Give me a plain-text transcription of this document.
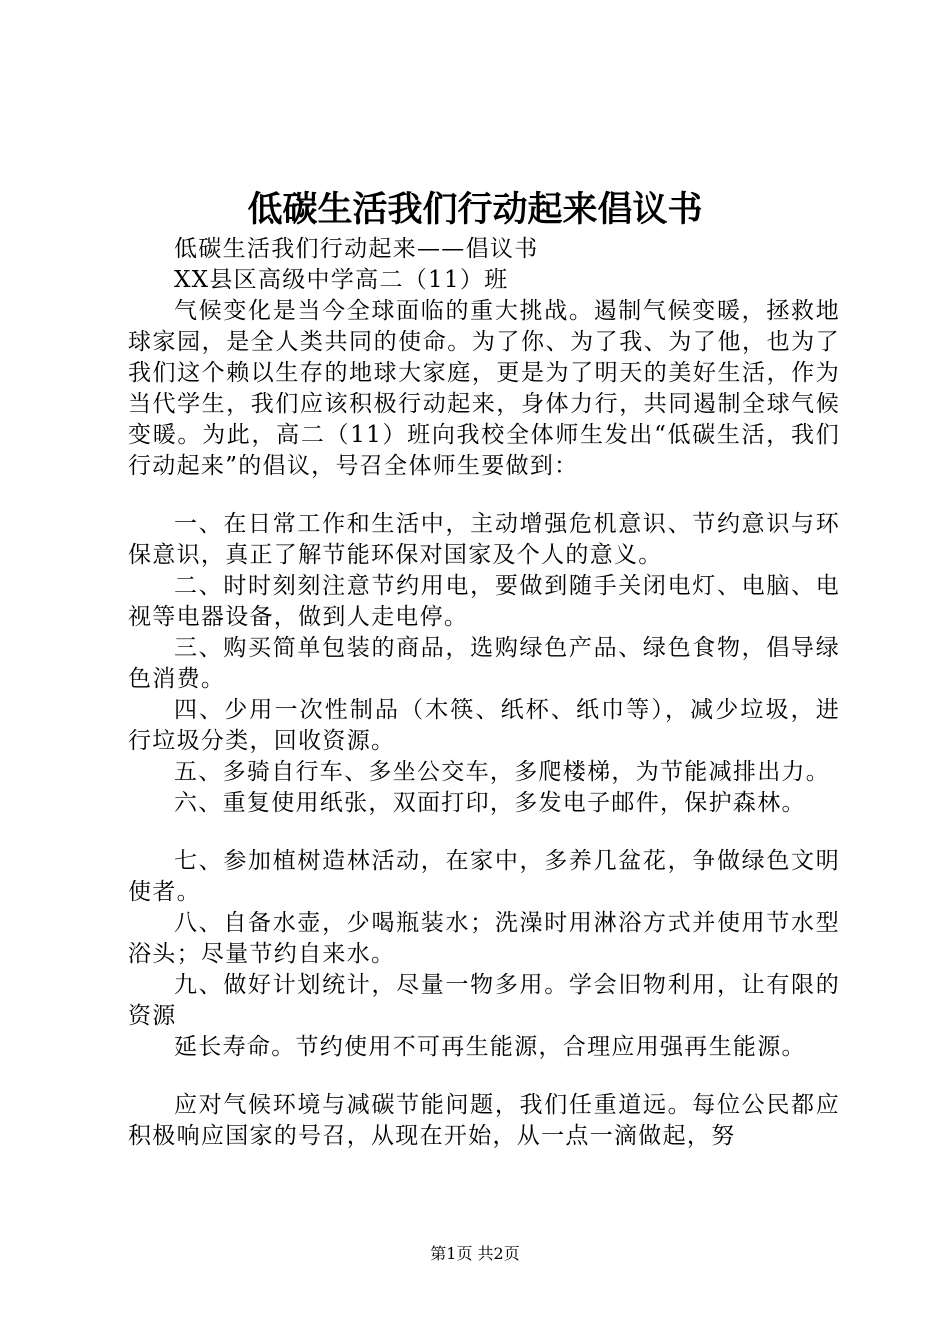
低碳生活我们行动起来倡议书

低碳生活我们行动起来——倡议书

XX县区高级中学高二（11）班

气候变化是当今全球面临的重大挑战。遏制气候变暖，拯救地球家园，是全人类共同的使命。为了你、为了我、为了他，也为了我们这个赖以生存的地球大家庭，更是为了明天的美好生活，作为当代学生，我们应该积极行动起来，身体力行，共同遏制全球气候变暖。为此，高二（11）班向我校全体师生发出“低碳生活，我们行动起来”的倡议，号召全体师生要做到：

一、在日常工作和生活中，主动增强危机意识、节约意识与环保意识，真正了解节能环保对国家及个人的意义。

二、时时刻刻注意节约用电，要做到随手关闭电灯、电脑、电视等电器设备，做到人走电停。

三、购买简单包装的商品，选购绿色产品、绿色食物，倡导绿色消费。

四、少用一次性制品（木筷、纸杯、纸巾等），减少垃圾，进行垃圾分类，回收资源。

五、多骑自行车、多坐公交车，多爬楼梯，为节能减排出力。

六、重复使用纸张，双面打印，多发电子邮件，保护森林。

七、参加植树造林活动，在家中，多养几盆花，争做绿色文明使者。

八、自备水壶，少喝瓶装水；洗澡时用淋浴方式并使用节水型浴头；尽量节约自来水。

九、做好计划统计，尽量一物多用。学会旧物利用，让有限的资源

延长寿命。节约使用不可再生能源，合理应用强再生能源。

应对气候环境与减碳节能问题，我们任重道远。每位公民都应积极响应国家的号召，从现在开始，从一点一滴做起，努

第1页 共2页
